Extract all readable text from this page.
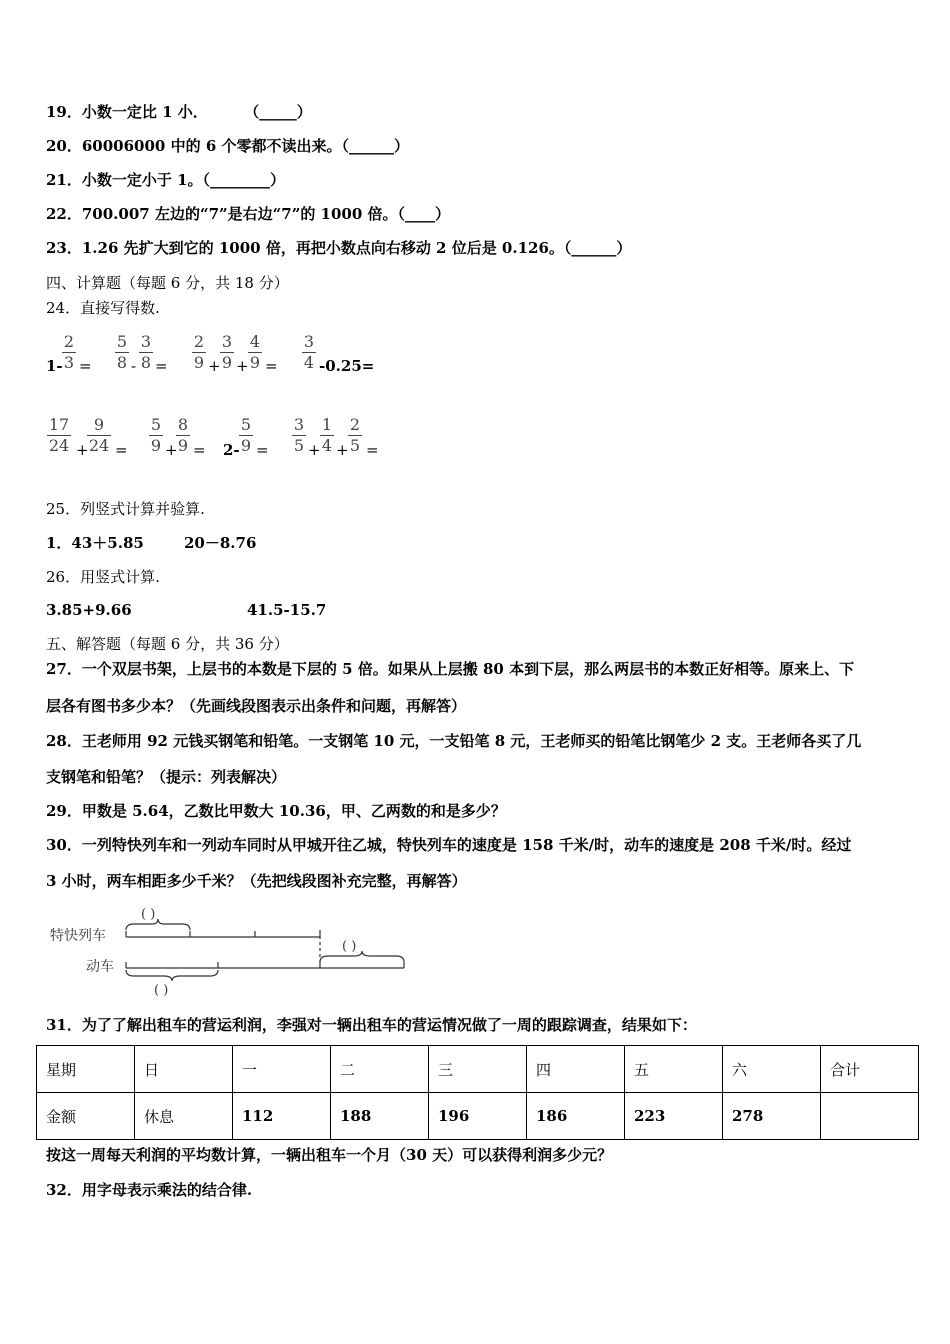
19．小数一定比 1 小．	（_____）
20．60006000 中的 6 个零都不读出来。（______）
21．小数一定小于 1。（________）
22．700.007 左边的“7”是右边“7”的 1000 倍。（____）
23．1.26 先扩大到它的 1000 倍，再把小数点向右移动 2 位后是 0.126。（______）
四、计算题（每题 6 分，共 18 分）
24．直接写得数.
1-
2
3 =
5
8 -
3
8 =
2
9 +
3
9 +
4
9 =
3
4 -0.25=
17
24 +
9
24 =
5
9 +
8
9 = 2-
5
9 =
3
5 +
1
4 +
2
5 =
25．列竖式计算并验算.
1．43＋5.85	20－8.76
26．用竖式计算.
3.85+9.66	41.5-15.7
五、解答题（每题 6 分，共 36 分）
27．一个双层书架，上层书的本数是下层的 5 倍。如果从上层搬 80 本到下层，那么两层书的本数正好相等。原来上、下
层各有图书多少本？（先画线段图表示出条件和问题，再解答）
28．王老师用 92 元钱买钢笔和铅笔。一支钢笔 10 元，一支铅笔 8 元，王老师买的铅笔比钢笔少 2 支。王老师各买了几
支钢笔和铅笔？（提示：列表解决）
29．甲数是 5.64，乙数比甲数大 10.36，甲、乙两数的和是多少？
30．一列特快列车和一列动车同时从甲城开往乙城，特快列车的速度是 158 千米/时，动车的速度是 208 千米/时。经过
3 小时，两车相距多少千米？（先把线段图补充完整，再解答）
特快列车
动车
( )
( )
( )
31．为了了解出租车的营运利润，李强对一辆出租车的营运情况做了一周的跟踪调查，结果如下：
星期	日	一	二	三	四	五	六	合计
金额	休息	112	188	196	186	223	278	
按这一周每天利润的平均数计算，一辆出租车一个月（30 天）可以获得利润多少元？
32．用字母表示乘法的结合律.
